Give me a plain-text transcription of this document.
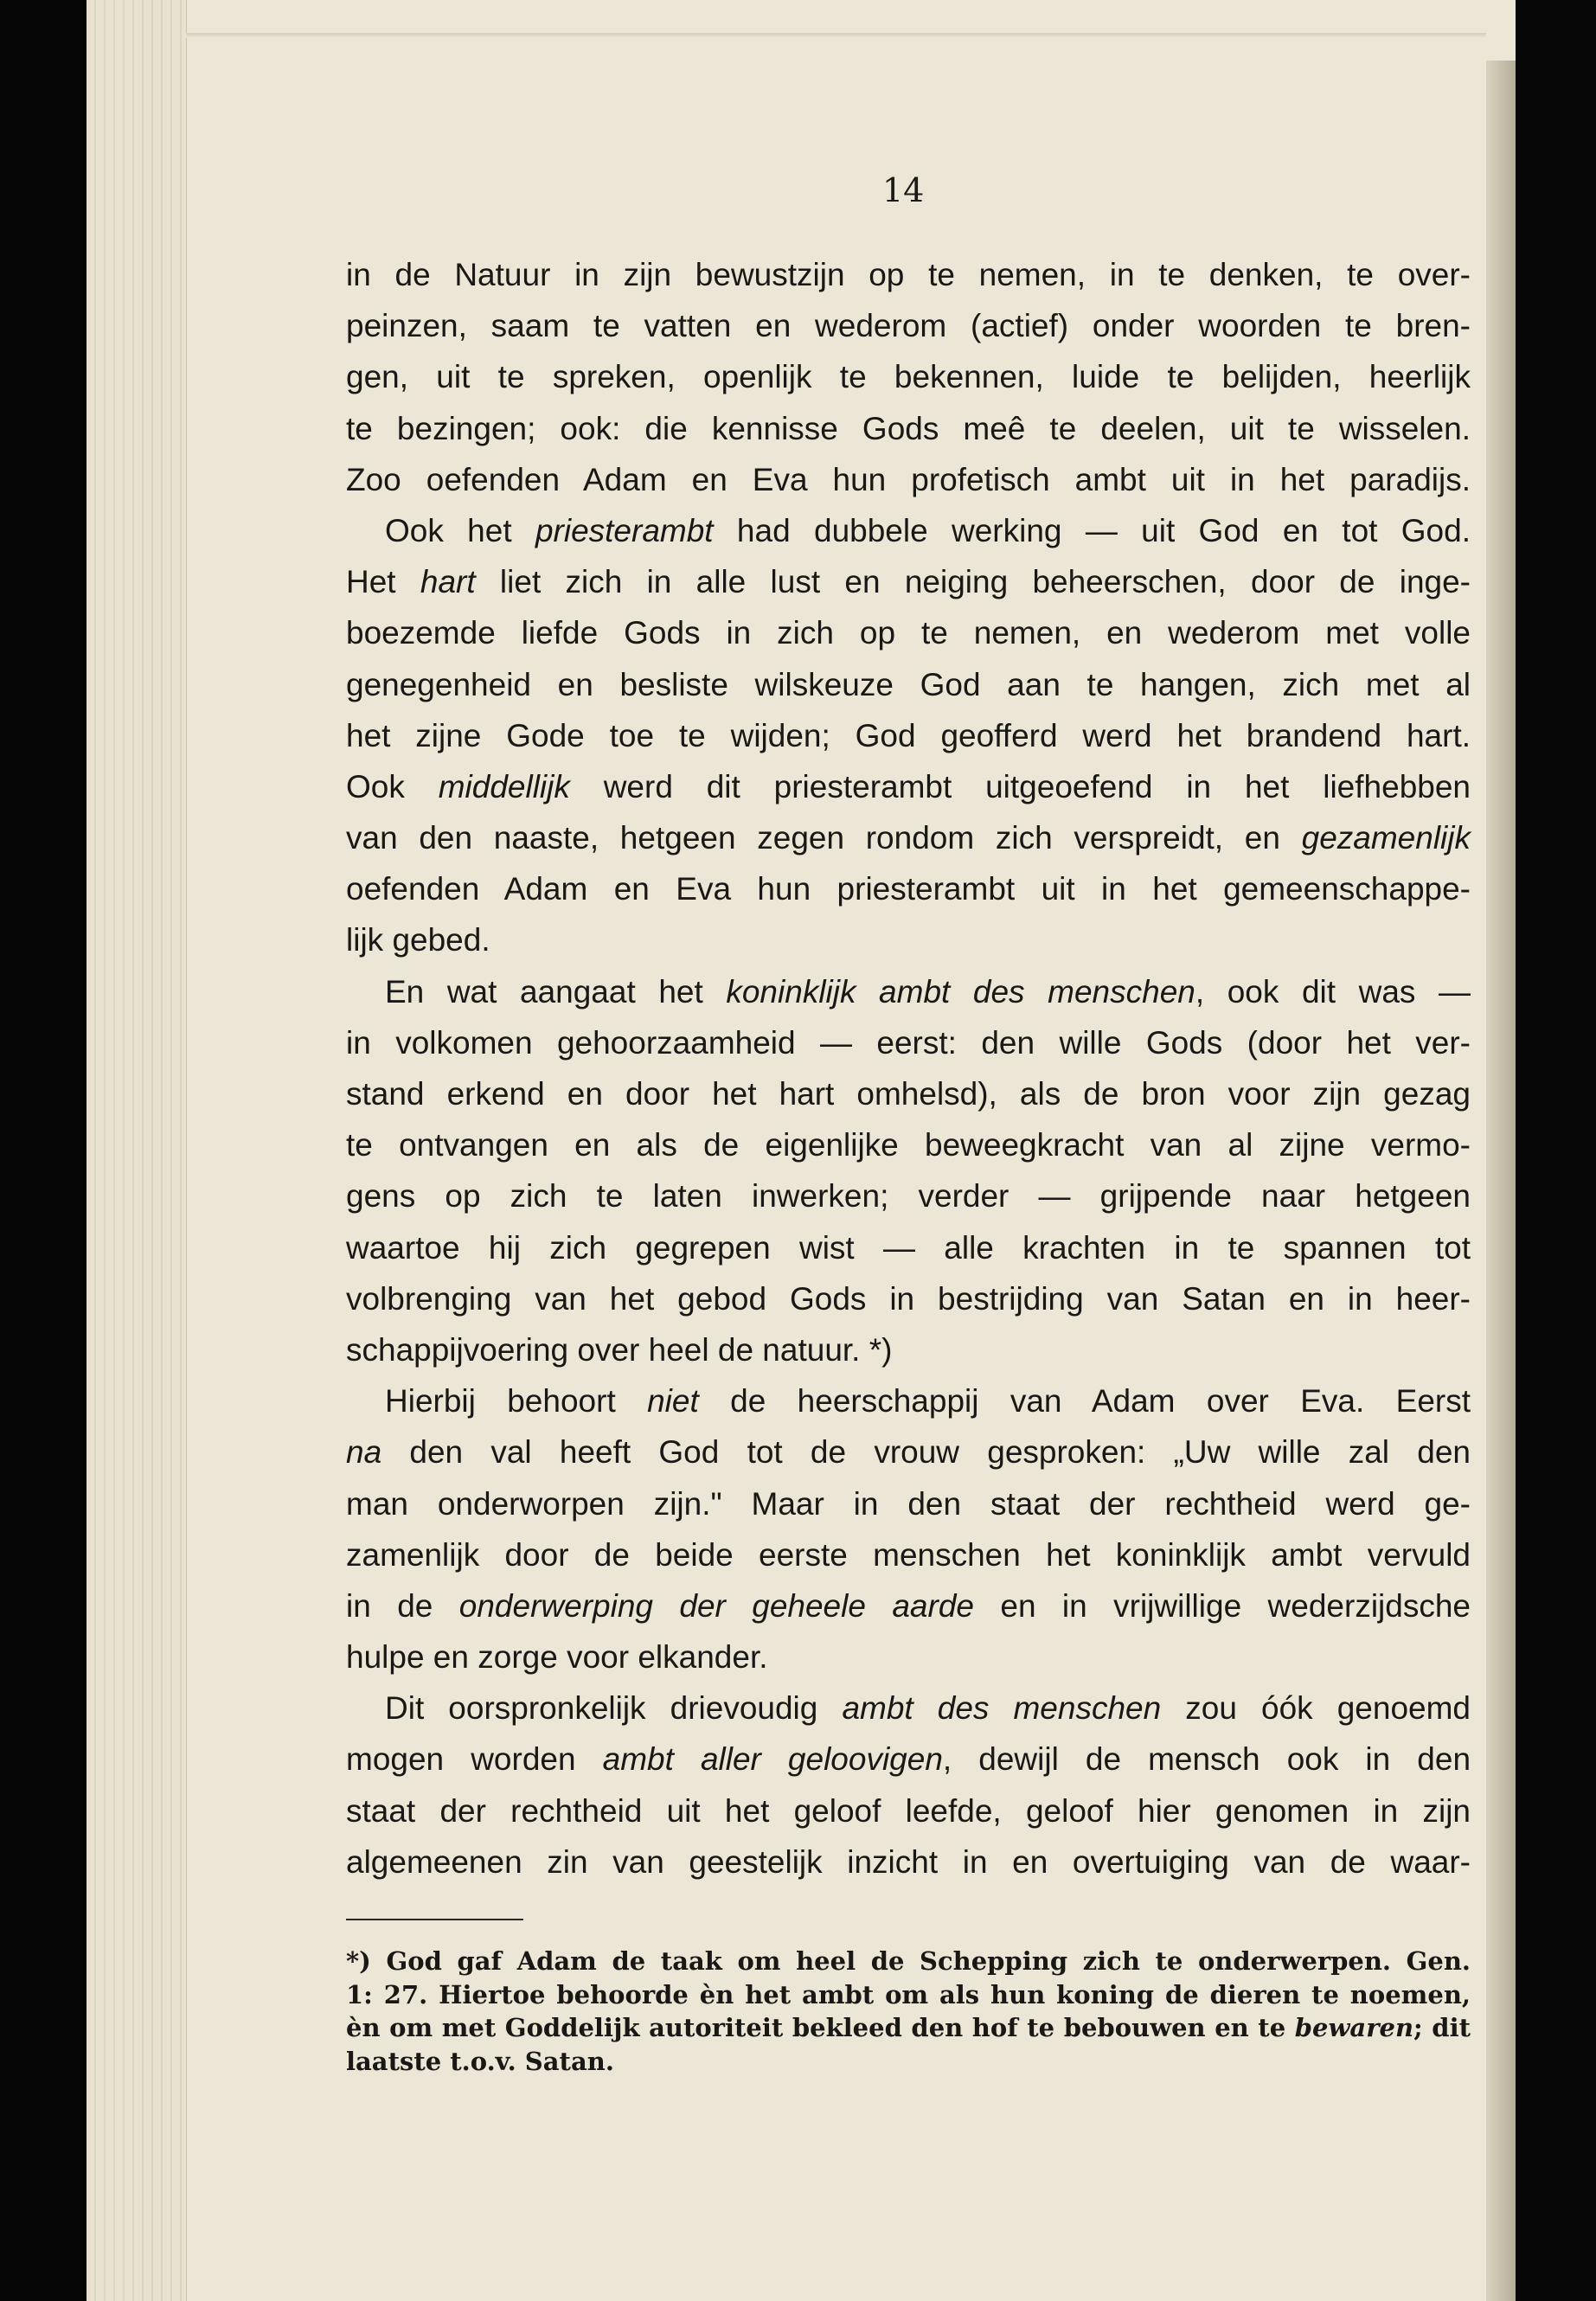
14
in de Natuur in zijn bewustzijn op te nemen, in te denken, te over-
peinzen, saam te vatten en wederom (actief) onder woorden te bren-
gen, uit te spreken, openlijk te bekennen, luide te belijden, heerlijk
te bezingen; ook: die kennisse Gods meê te deelen, uit te wisselen.
Zoo oefenden Adam en Eva hun profetisch ambt uit in het paradijs.
Ook het priesterambt had dubbele werking — uit God en tot God.
Het hart liet zich in alle lust en neiging beheerschen, door de inge-
boezemde liefde Gods in zich op te nemen, en wederom met volle
genegenheid en besliste wilskeuze God aan te hangen, zich met al
het zijne Gode toe te wijden; God geofferd werd het brandend hart.
Ook middellijk werd dit priesterambt uitgeoefend in het liefhebben
van den naaste, hetgeen zegen rondom zich verspreidt, en gezamenlijk
oefenden Adam en Eva hun priesterambt uit in het gemeenschappe-
lijk gebed.
En wat aangaat het koninklijk ambt des menschen, ook dit was —
in volkomen gehoorzaamheid — eerst: den wille Gods (door het ver-
stand erkend en door het hart omhelsd), als de bron voor zijn gezag
te ontvangen en als de eigenlijke beweegkracht van al zijne vermo-
gens op zich te laten inwerken; verder — grijpende naar hetgeen
waartoe hij zich gegrepen wist — alle krachten in te spannen tot
volbrenging van het gebod Gods in bestrijding van Satan en in heer-
schappijvoering over heel de natuur. *)
Hierbij behoort niet de heerschappij van Adam over Eva. Eerst
na den val heeft God tot de vrouw gesproken: „Uw wille zal den
man onderworpen zijn." Maar in den staat der rechtheid werd ge-
zamenlijk door de beide eerste menschen het koninklijk ambt vervuld
in de onderwerping der geheele aarde en in vrijwillige wederzijdsche
hulpe en zorge voor elkander.
Dit oorspronkelijk drievoudig ambt des menschen zou óók genoemd
mogen worden ambt aller geloovigen, dewijl de mensch ook in den
staat der rechtheid uit het geloof leefde, geloof hier genomen in zijn
algemeenen zin van geestelijk inzicht in en overtuiging van de waar-
*) God gaf Adam de taak om heel de Schepping zich te onderwerpen. Gen.
1: 27. Hiertoe behoorde èn het ambt om als hun koning de dieren te noemen,
èn om met Goddelijk autoriteit bekleed den hof te bebouwen en te bewaren; dit
laatste t.o.v. Satan.
